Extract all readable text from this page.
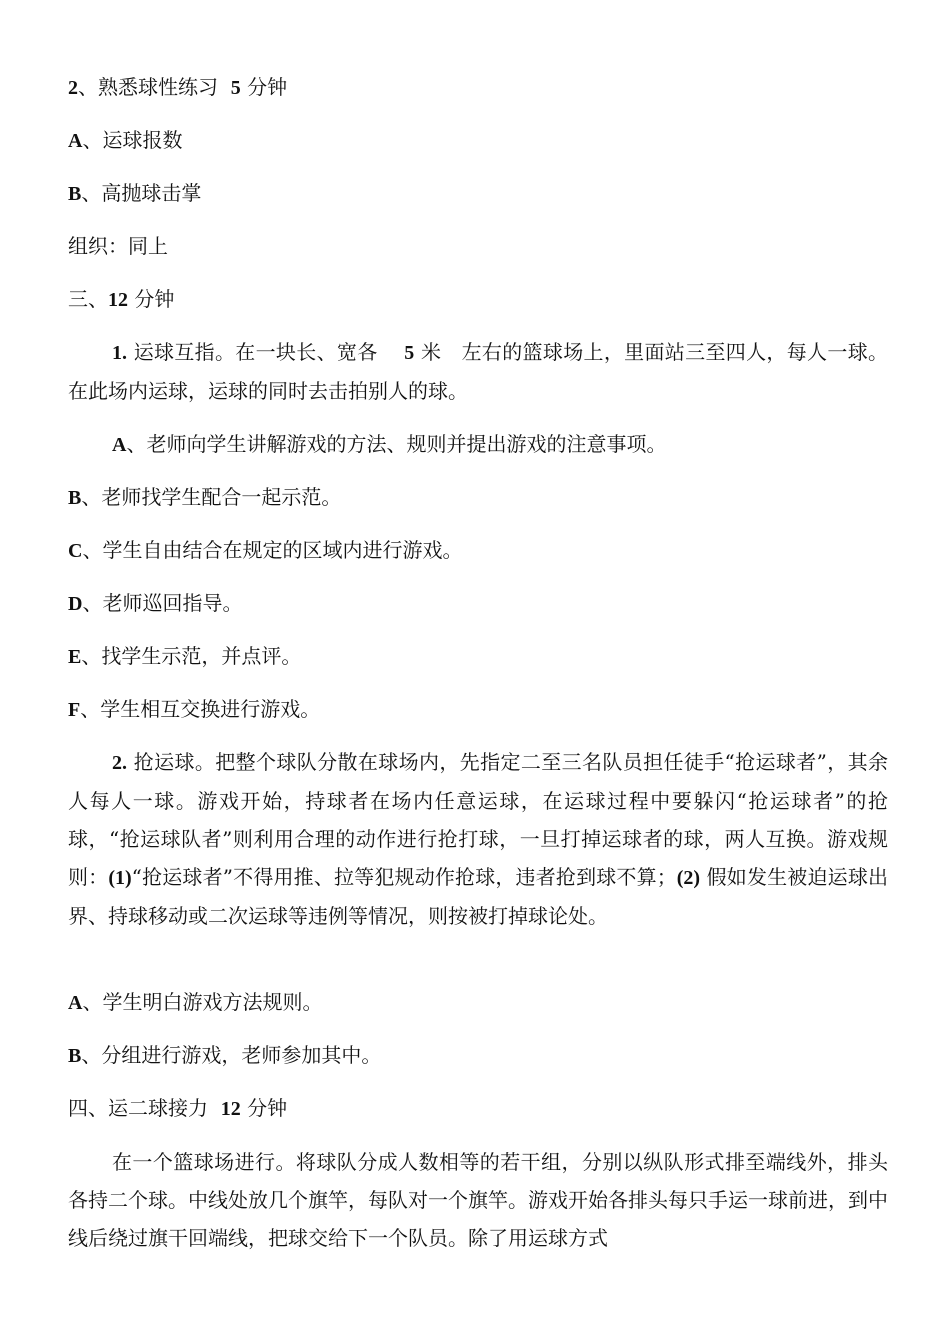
2、熟悉球性练习 5 分钟

A、运球报数

B、高抛球击掌

组织：同上

三、12 分钟

1. 运球互指。在一块长、宽各 5 米　左右的篮球场上，里面站三至四人，每人一球。在此场内运球，运球的同时去击拍别人的球。

A、老师向学生讲解游戏的方法、规则并提出游戏的注意事项。

B、老师找学生配合一起示范。

C、学生自由结合在规定的区域内进行游戏。

D、老师巡回指导。

E、找学生示范，并点评。

F、学生相互交换进行游戏。

2. 抢运球。把整个球队分散在球场内，先指定二至三名队员担任徒手“抢运球者”，其余人每人一球。游戏开始，持球者在场内任意运球，在运球过程中要躲闪“抢运球者”的抢球，“抢运球队者”则利用合理的动作进行抢打球，一旦打掉运球者的球，两人互换。游戏规则：(1)“抢运球者”不得用推、拉等犯规动作抢球，违者抢到球不算；(2) 假如发生被迫运球出界、持球移动或二次运球等违例等情况，则按被打掉球论处。

A、学生明白游戏方法规则。

B、分组进行游戏，老师参加其中。

四、运二球接力 12 分钟

在一个篮球场进行。将球队分成人数相等的若干组，分别以纵队形式排至端线外，排头各持二个球。中线处放几个旗竿，每队对一个旗竿。游戏开始各排头每只手运一球前进，到中线后绕过旗干回端线，把球交给下一个队员。除了用运球方式
